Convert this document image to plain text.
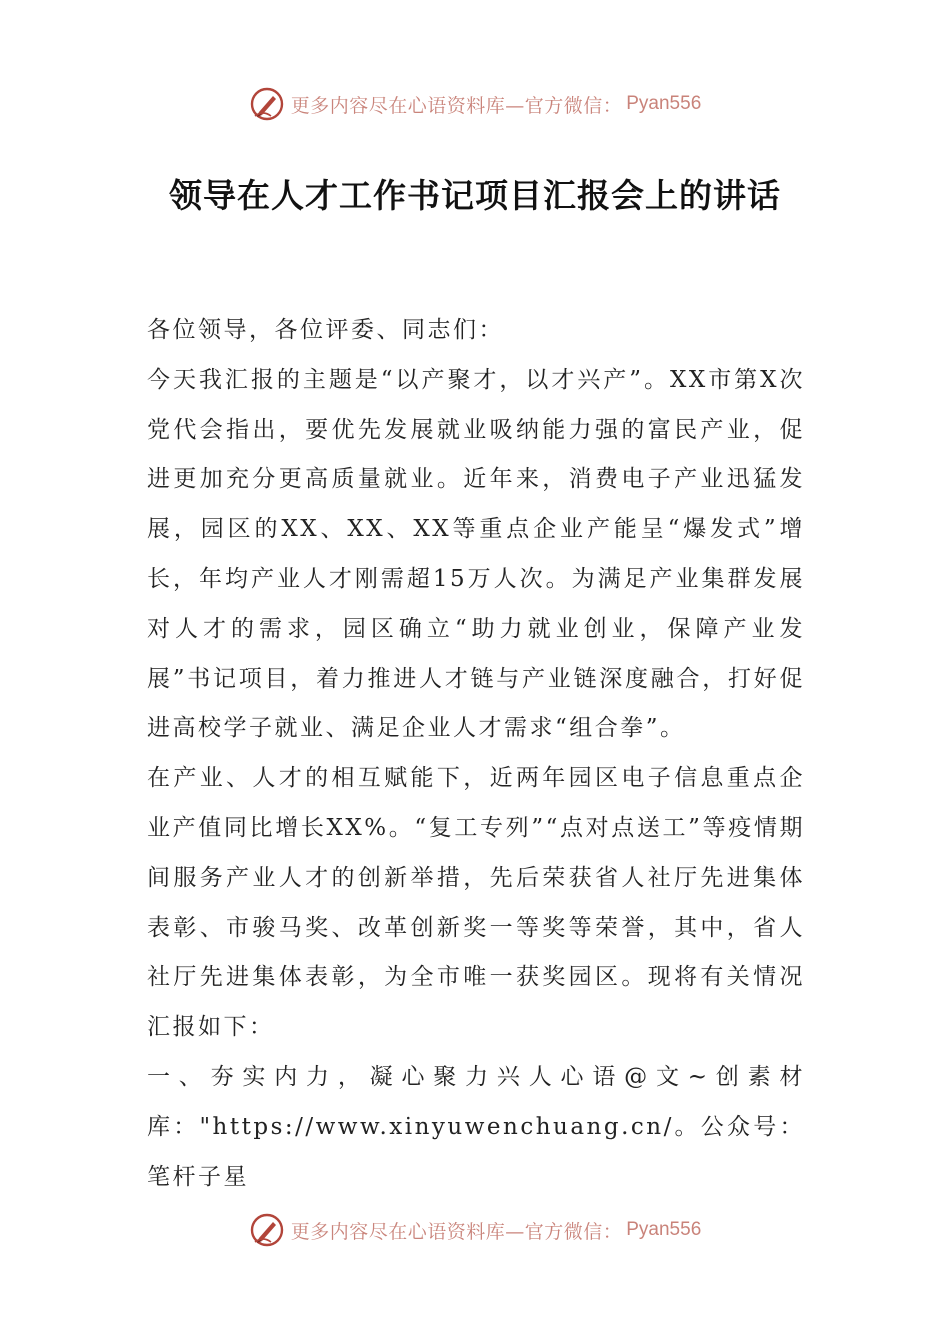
更多内容尽在心语资料库—官方微信： Pyan556
领导在人才工作书记项目汇报会上的讲话

各位领导，各位评委、同志们：

今天我汇报的主题是“以产聚才，以才兴产”。XX市第X次党代会指出，要优先发展就业吸纳能力强的富民产业，促进更加充分更高质量就业。近年来，消费电子产业迅猛发展，园区的XX、XX、XX等重点企业产能呈“爆发式”增长，年均产业人才刚需超15万人次。为满足产业集群发展对人才的需求，园区确立“助力就业创业，保障产业发展”书记项目，着力推进人才链与产业链深度融合，打好促进高校学子就业、满足企业人才需求“组合拳”。

在产业、人才的相互赋能下，近两年园区电子信息重点企业产值同比增长XX%。“复工专列”“点对点送工”等疫情期间服务产业人才的创新举措，先后荣获省人社厅先进集体表彰、市骏马奖、改革创新奖一等奖等荣誉，其中，省人社厅先进集体表彰，为全市唯一获奖园区。现将有关情况汇报如下：

一、夯实内力，凝心聚力兴人心语@文~创素材库："https://www.xinyuwenchuang.cn/。公众号：笔杆子星

更多内容尽在心语资料库—官方微信： Pyan556
